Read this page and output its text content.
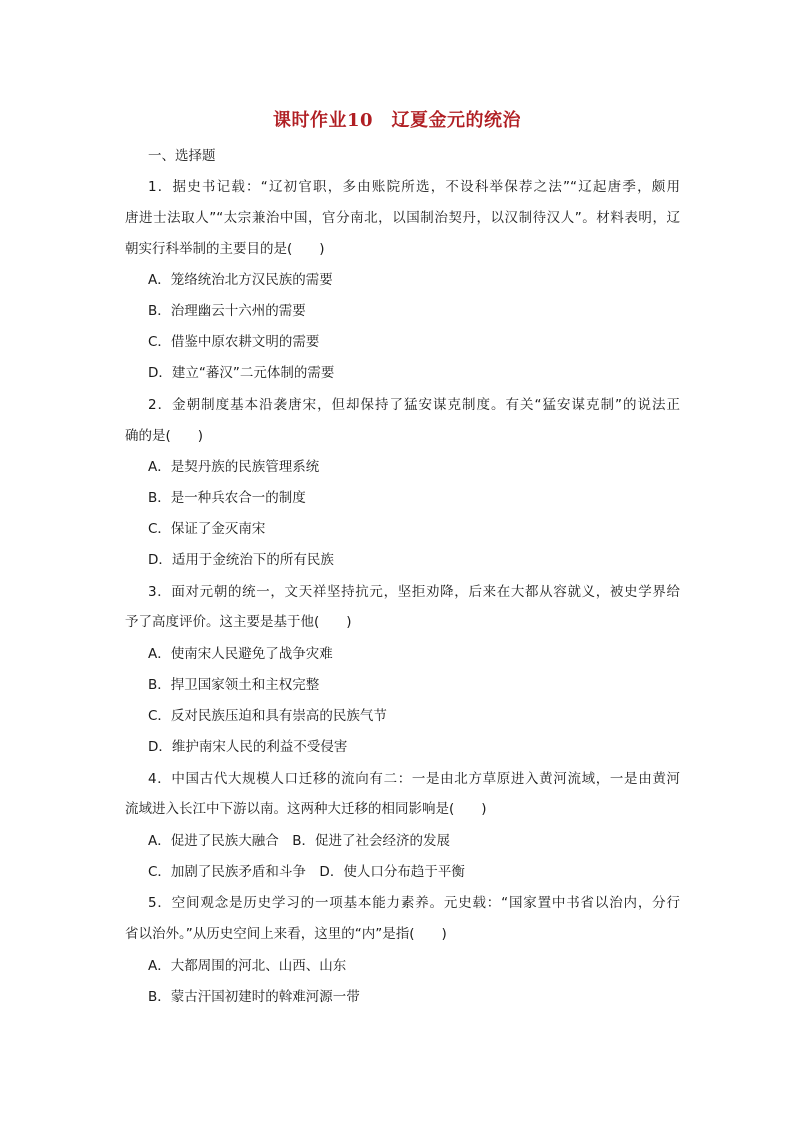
课时作业10　辽夏金元的统治
一、选择题
1．据史书记载：“辽初官职，多由账院所选，不设科举保荐之法”“辽起唐季，颇用
唐进士法取人”“太宗兼治中国，官分南北，以国制治契丹，以汉制待汉人”。材料表明，辽
朝实行科举制的主要目的是(　　)
A．笼络统治北方汉民族的需要
B．治理幽云十六州的需要
C．借鉴中原农耕文明的需要
D．建立“蕃汉”二元体制的需要
2．金朝制度基本沿袭唐宋，但却保持了猛安谋克制度。有关“猛安谋克制”的说法正
确的是(　　)
A．是契丹族的民族管理系统
B．是一种兵农合一的制度
C．保证了金灭南宋
D．适用于金统治下的所有民族
3．面对元朝的统一，文天祥坚持抗元，坚拒劝降，后来在大都从容就义，被史学界给
予了高度评价。这主要是基于他(　　)
A．使南宋人民避免了战争灾难
B．捍卫国家领土和主权完整
C．反对民族压迫和具有崇高的民族气节
D．维护南宋人民的利益不受侵害
4．中国古代大规模人口迁移的流向有二：一是由北方草原进入黄河流域，一是由黄河
流域进入长江中下游以南。这两种大迁移的相同影响是(　　)
A．促进了民族大融合　B．促进了社会经济的发展
C．加剧了民族矛盾和斗争　D．使人口分布趋于平衡
5．空间观念是历史学习的一项基本能力素养。元史载：“国家置中书省以治内，分行
省以治外。”从历史空间上来看，这里的“内”是指(　　)
A．大都周围的河北、山西、山东
B．蒙古汗国初建时的斡难河源一带
